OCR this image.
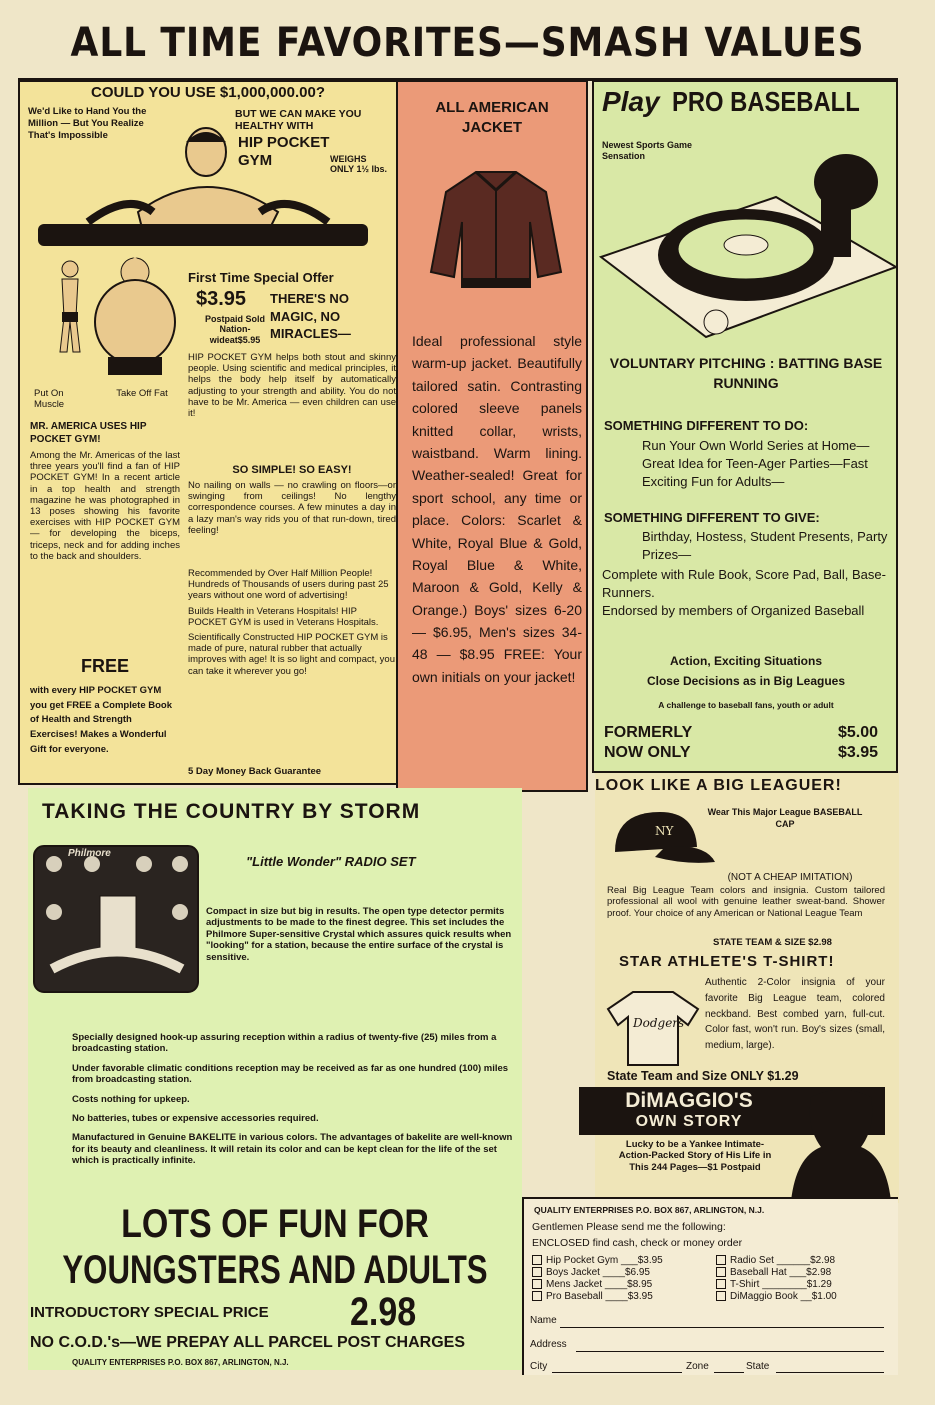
ALL TIME FAVORITES—SMASH VALUES
COULD YOU USE $1,000,000.00?
We'd Like to Hand You the Million — But You Realize That's Impossible
BUT WE CAN MAKE YOU HEALTHY WITH
HIP POCKET GYM	WEIGHS ONLY 1½ lbs.
Put On Muscle
Take Off Fat
First Time Special Offer
$3.95
Postpaid Sold Nation-wideat$5.95
THERE'S NO MAGIC, NO MIRACLES—
HIP POCKET GYM helps both stout and skinny people. Using scientific and medical principles, it helps the body help itself by automatically adjusting to your strength and ability. You do not have to be Mr. America — even children can use it!
SO SIMPLE! SO EASY!
No nailing on walls — no crawling on floors—or swinging from ceilings! No lengthy correspondence courses. A few minutes a day in a lazy man's way rids you of that run-down, tired feeling!
Recommended by Over Half Million People! Hundreds of Thousands of users during past 25 years without one word of advertising!
Builds Health in Veterans Hospitals! HIP POCKET GYM is used in Veterans Hospitals.
Scientifically Constructed HIP POCKET GYM is made of pure, natural rubber that actually improves with age! It is so light and compact, you can take it wherever you go!
5 Day Money Back Guarantee
MR. AMERICA USES HIP POCKET GYM!
Among the Mr. Americas of the last three years you'll find a fan of HIP POCKET GYM! In a recent article in a top health and strength magazine he was photographed in 13 poses showing his favorite exercises with HIP POCKET GYM — for developing the biceps, triceps, neck and for adding inches to the back and shoulders.
FREE
with every HIP POCKET GYM you get FREE a Complete Book of Health and Strength Exercises! Makes a Wonderful Gift for everyone.
ALL AMERICAN JACKET
Ideal professional style warm-up jacket. Beautifully tailored satin. Contrasting colored sleeve panels knitted collar, wrists, waistband. Warm lining. Weather-sealed! Great for sport school, any time or place. Colors: Scarlet & White, Royal Blue & Gold, Royal Blue & White, Maroon & Gold, Kelly & Orange.) Boys' sizes 6-20 — $6.95, Men's sizes 34-48 — $8.95 FREE: Your own initials on your jacket!
Play PRO BASEBALL
Newest Sports Game Sensation
VOLUNTARY PITCHING : BATTING BASE RUNNING
SOMETHING DIFFERENT TO DO:
Run Your Own World Series at Home—Great Idea for Teen-Ager Parties—Fast Exciting Fun for Adults—
SOMETHING DIFFERENT TO GIVE:
Birthday, Hostess, Student Presents, Party Prizes—
Complete with Rule Book, Score Pad, Ball, Base-Runners.
Endorsed by members of Organized Baseball
Action, Exciting Situations
Close Decisions as in Big Leagues
A challenge to baseball fans, youth or adult
FORMERLY	$5.00
NOW ONLY	$3.95
TAKING THE COUNTRY BY STORM
Philmore
"Little Wonder" RADIO SET
Compact in size but big in results. The open type detector permits adjustments to be made to the finest degree. This set includes the Philmore Super-sensitive Crystal which assures quick results when "looking" for a station, because the entire surface of the crystal is sensitive.
Specially designed hook-up assuring reception within a radius of twenty-five (25) miles from a broadcasting station.
Under favorable climatic conditions reception may be received as far as one hundred (100) miles from broadcasting station.
Costs nothing for upkeep.
No batteries, tubes or expensive accessories required.
Manufactured in Genuine BAKELITE in various colors. The advantages of bakelite are well-known for its beauty and cleanliness. It will retain its color and can be kept clean for the life of the set which is practically infinite.
LOTS OF FUN FOR
YOUNGSTERS AND ADULTS
INTRODUCTORY SPECIAL PRICE 2.98
NO C.O.D.'s—WE PREPAY ALL PARCEL POST CHARGES
QUALITY ENTERPRISES P.O. BOX 867, ARLINGTON, N.J.
LOOK LIKE A BIG LEAGUER!
NY
Wear This Major League BASEBALL CAP
(NOT A CHEAP IMITATION)
Real Big League Team colors and insignia. Custom tailored professional all wool with genuine leather sweat-band. Shower proof. Your choice of any American or National League Team
STATE TEAM & SIZE $2.98
STAR ATHLETE'S T-SHIRT!
Dodgers
Authentic 2-Color insignia of your favorite Big League team, colored neckband. Best combed yarn, full-cut. Color fast, won't run. Boy's sizes (small, medium, large).
State Team and Size ONLY $1.29
DiMAGGIO'S
OWN STORY
Lucky to be a Yankee Intimate-Action-Packed Story of His Life in This 244 Pages—$1 Postpaid
QUALITY ENTERPRISES P.O. BOX 867, ARLINGTON, N.J.
Gentlemen Please send me the following:
ENCLOSED find cash, check or money order
Hip Pocket Gym ___$3.95
Boys Jacket ____$6.95
Mens Jacket ____$8.95
Pro Baseball ____$3.95
Radio Set ______$2.98
Baseball Hat ___$2.98
T-Shirt ________$1.29
DiMaggio Book __$1.00
Name
Address
City	Zone	State
